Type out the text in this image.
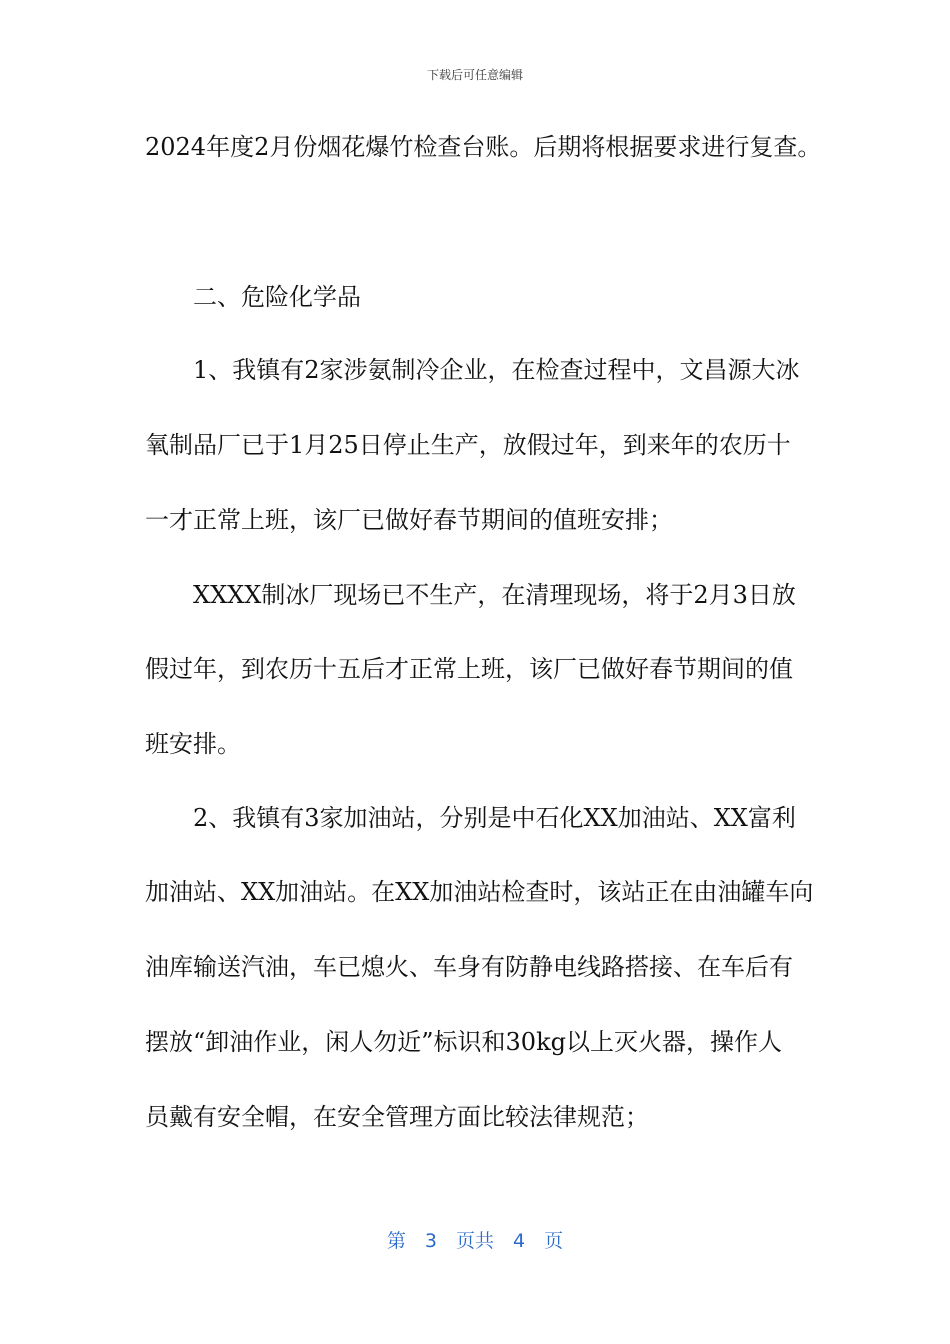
下载后可任意编辑
2024年度2月份烟花爆竹检查台账。后期将根据要求进行复查。
二、危险化学品
1、我镇有2家涉氨制冷企业，在检查过程中，文昌源大冰
氧制品厂已于1月25日停止生产，放假过年，到来年的农历十
一才正常上班，该厂已做好春节期间的值班安排；
XXXX制冰厂现场已不生产，在清理现场，将于2月3日放
假过年，到农历十五后才正常上班，该厂已做好春节期间的值
班安排。
2、我镇有3家加油站，分别是中石化XX加油站、XX富利
加油站、XX加油站。在XX加油站检查时，该站正在由油罐车向
油库输送汽油，车已熄火、车身有防静电线路搭接、在车后有
摆放“卸油作业，闲人勿近”标识和30kg以上灭火器，操作人
员戴有安全帽，在安全管理方面比较法律规范；
第　3　页共　4　页
